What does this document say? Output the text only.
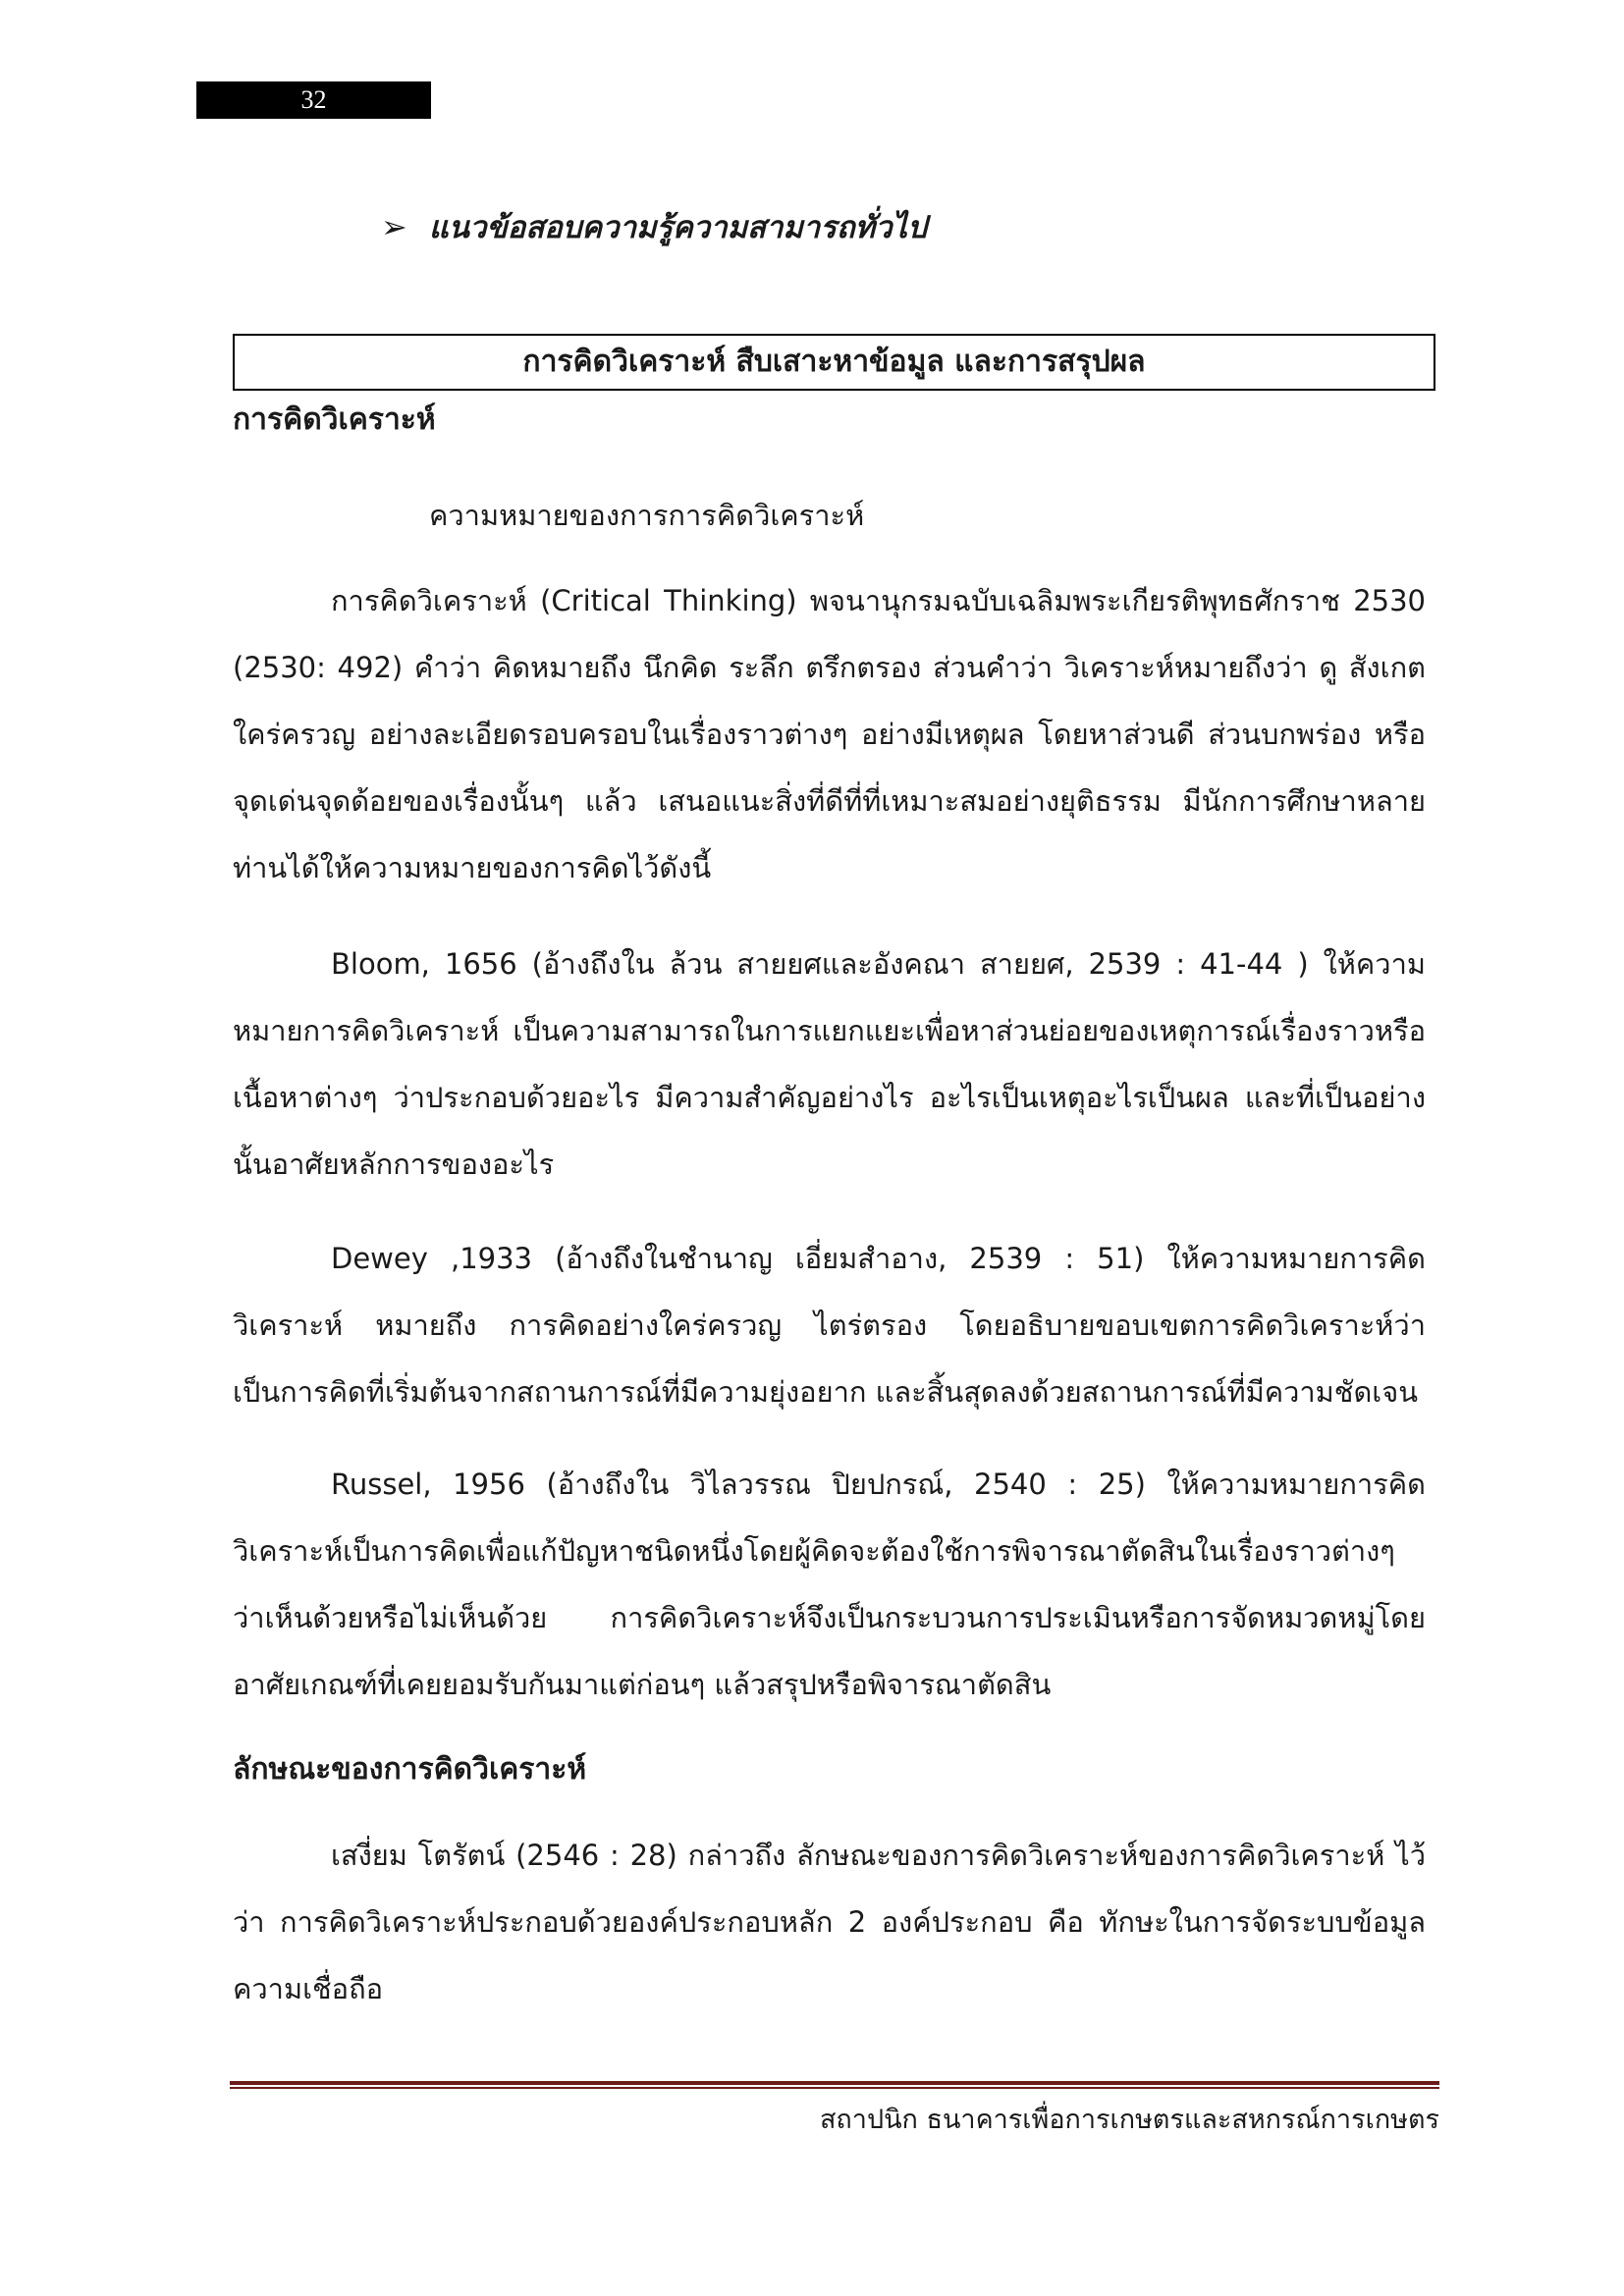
32
➢ แนวข้อสอบความรู้ความสามารถทั่วไป
การคิดวิเคราะห์ สืบเสาะหาข้อมูล และการสรุปผล
การคิดวิเคราะห์
ความหมายของการการคิดวิเคราะห์
การคิดวิเคราะห์ (Critical Thinking) พจนานุกรมฉบับเฉลิมพระเกียรติพุทธศักราช 2530 (2530: 492) คำว่า คิดหมายถึง นึกคิด ระลึก ตรึกตรอง ส่วนคำว่า วิเคราะห์หมายถึงว่า ดู สังเกต ใคร่ครวญ อย่างละเอียดรอบครอบในเรื่องราวต่างๆ อย่างมีเหตุผล โดยหาส่วนดี ส่วนบกพร่อง หรือจุดเด่นจุดด้อยของเรื่องนั้นๆ แล้ว เสนอแนะสิ่งที่ดีที่ที่เหมาะสมอย่างยุติธรรม มีนักการศึกษาหลายท่านได้ให้ความหมายของการคิดไว้ดังนี้
Bloom, 1656 (อ้างถึงใน ล้วน สายยศและอังคณา สายยศ, 2539 : 41-44 ) ให้ความหมายการคิดวิเคราะห์ เป็นความสามารถในการแยกแยะเพื่อหาส่วนย่อยของเหตุการณ์เรื่องราวหรือเนื้อหาต่างๆ ว่าประกอบด้วยอะไร มีความสำคัญอย่างไร อะไรเป็นเหตุอะไรเป็นผล และที่เป็นอย่างนั้นอาศัยหลักการของอะไร
Dewey ,1933 (อ้างถึงในชำนาญ เอี่ยมสำอาง, 2539 : 51) ให้ความหมายการคิดวิเคราะห์ หมายถึง การคิดอย่างใคร่ครวญ ไตร่ตรอง โดยอธิบายขอบเขตการคิดวิเคราะห์ว่าเป็นการคิดที่เริ่มต้นจากสถานการณ์ที่มีความยุ่งอยาก และสิ้นสุดลงด้วยสถานการณ์ที่มีความชัดเจน
Russel, 1956 (อ้างถึงใน วิไลวรรณ ปิยปกรณ์, 2540 : 25) ให้ความหมายการคิดวิเคราะห์เป็นการคิดเพื่อแก้ปัญหาชนิดหนึ่งโดยผู้คิดจะต้องใช้การพิจารณาตัดสินในเรื่องราวต่างๆว่าเห็นด้วยหรือไม่เห็นด้วย การคิดวิเคราะห์จึงเป็นกระบวนการประเมินหรือการจัดหมวดหมู่โดยอาศัยเกณฑ์ที่เคยยอมรับกันมาแต่ก่อนๆ แล้วสรุปหรือพิจารณาตัดสิน
ลักษณะของการคิดวิเคราะห์
เสงี่ยม โตรัตน์ (2546 : 28) กล่าวถึง ลักษณะของการคิดวิเคราะห์ของการคิดวิเคราะห์ ไว้ว่า การคิดวิเคราะห์ประกอบด้วยองค์ประกอบหลัก 2 องค์ประกอบ คือ ทักษะในการจัดระบบข้อมูล ความเชื่อถือ
สถาปนิก ธนาคารเพื่อการเกษตรและสหกรณ์การเกษตร
